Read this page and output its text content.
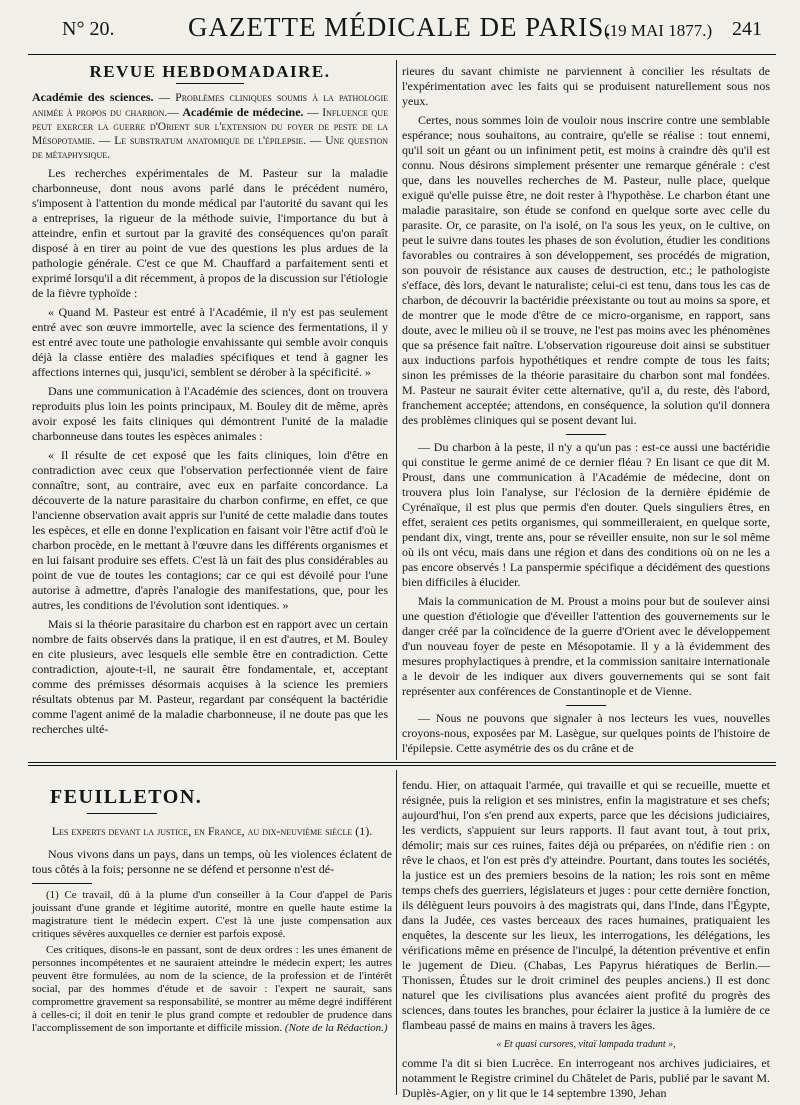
N° 20.	GAZETTE MÉDICALE DE PARIS.
(19 MAI 1877.) 241
REVUE HEBDOMADAIRE.

Académie des sciences. — Problèmes cliniques soumis à la pathologie animée à propos du charbon.— Académie de médecine. — Influence que peut exercer la guerre d'Orient sur l'extension du foyer de peste de la Mésopotamie. — Le substratum anatomique de l'épilepsie. — Une question de métaphysique.

Les recherches expérimentales de M. Pasteur sur la maladie charbonneuse, dont nous avons parlé dans le précédent numéro, s'imposent à l'attention du monde médical par l'autorité du savant qui les a entreprises, la rigueur de la méthode suivie, l'importance du but à atteindre, enfin et surtout par la gravité des conséquences qu'on paraît disposé à en tirer au point de vue des questions les plus ardues de la pathologie générale. C'est ce que M. Chauffard a parfaitement senti et exprimé lorsqu'il a dit récemment, à propos de la discussion sur l'étiologie de la fièvre typhoïde :

« Quand M. Pasteur est entré à l'Académie, il n'y est pas seulement entré avec son œuvre immortelle, avec la science des fermentations, il y est entré avec toute une pathologie envahissante qui semble avoir conquis déjà la classe entière des maladies spécifiques et tend à gagner les affections internes qui, jusqu'ici, semblent se dérober à la spécificité. »

Dans une communication à l'Académie des sciences, dont on trouvera reproduits plus loin les points principaux, M. Bouley dit de même, après avoir exposé les faits cliniques qui démontrent l'unité de la maladie charbonneuse dans toutes les espèces animales :

« Il résulte de cet exposé que les faits cliniques, loin d'être en contradiction avec ceux que l'observation perfectionnée vient de faire connaître, sont, au contraire, avec eux en parfaite concordance. La découverte de la nature parasitaire du charbon confirme, en effet, ce que l'ancienne observation avait appris sur l'unité de cette maladie dans toutes les espèces, et elle en donne l'explication en faisant voir l'être actif d'où le charbon procède, en le mettant à l'œuvre dans les différents organismes et en lui faisant produire ses effets. C'est là un fait des plus considérables au point de vue de toutes les contagions; car ce qui est dévoilé pour l'une autorise à admettre, d'après l'analogie des manifestations, que, pour les autres, les conditions de l'évolution sont identiques. »

Mais si la théorie parasitaire du charbon est en rapport avec un certain nombre de faits observés dans la pratique, il en est d'autres, et M. Bouley en cite plusieurs, avec lesquels elle semble être en contradiction. Cette contradiction, ajoute-t-il, ne saurait être fondamentale, et, acceptant comme des prémisses désormais acquises à la science les premiers résultats obtenus par M. Pasteur, regardant par conséquent la bactéridie comme l'agent animé de la maladie charbonneuse, il ne doute pas que les recherches ulté-

rieures du savant chimiste ne parviennent à concilier les résultats de l'expérimentation avec les faits qui se produisent naturellement sous nos yeux.

Certes, nous sommes loin de vouloir nous inscrire contre une semblable espérance; nous souhaitons, au contraire, qu'elle se réalise : tout ennemi, qu'il soit un géant ou un infiniment petit, est moins à craindre dès qu'il est connu. Nous désirons simplement présenter une remarque générale : c'est que, dans les nouvelles recherches de M. Pasteur, nulle place, quelque exiguë qu'elle puisse être, ne doit rester à l'hypothèse. Le charbon étant une maladie parasitaire, son étude se confond en quelque sorte avec celle du parasite. Or, ce parasite, on l'a isolé, on l'a sous les yeux, on le cultive, on peut le suivre dans toutes les phases de son évolution, étudier les conditions favorables ou contraires à son développement, ses procédés de migration, son pouvoir de résistance aux causes de destruction, etc.; le pathologiste s'efface, dès lors, devant le naturaliste; celui-ci est tenu, dans tous les cas de charbon, de découvrir la bactéridie préexistante ou tout au moins sa spore, et de montrer que le mode d'être de ce micro-organisme, en rapport, sans doute, avec le milieu où il se trouve, ne l'est pas moins avec les phénomènes que sa présence fait naître. L'observation rigoureuse doit ainsi se substituer aux inductions parfois hypothétiques et rendre compte de tous les faits; sinon les prémisses de la théorie parasitaire du charbon sont mal fondées. M. Pasteur ne saurait éviter cette alternative, qu'il a, du reste, dès l'abord, franchement acceptée; attendons, en conséquence, la solution qu'il donnera des problèmes cliniques qui se posent devant lui.

— Du charbon à la peste, il n'y a qu'un pas : est-ce aussi une bactéridie qui constitue le germe animé de ce dernier fléau ? En lisant ce que dit M. Proust, dans une communication à l'Académie de médecine, dont on trouvera plus loin l'analyse, sur l'éclosion de la dernière épidémie de Cyrénaïque, il est plus que permis d'en douter. Quels singuliers êtres, en effet, seraient ces petits organismes, qui sommeilleraient, en quelque sorte, pendant dix, vingt, trente ans, pour se réveiller ensuite, non sur le sol même où ils ont vécu, mais dans une région et dans des conditions où on ne les a pas encore observés ! La panspermie spécifique a décidément des questions bien difficiles à élucider.

Mais la communication de M. Proust a moins pour but de soulever ainsi une question d'étiologie que d'éveiller l'attention des gouvernements sur le danger créé par la coïncidence de la guerre d'Orient avec le développement d'un nouveau foyer de peste en Mésopotamie. Il y a là évidemment des mesures prophylactiques à prendre, et la commission sanitaire internationale a le devoir de les indiquer aux divers gouvernements qui se sont fait représenter aux conférences de Constantinople et de Vienne.

— Nous ne pouvons que signaler à nos lecteurs les vues, nouvelles croyons-nous, exposées par M. Lasègue, sur quelques points de l'histoire de l'épilepsie. Cette asymétrie des os du crâne et de

FEUILLETON.
Les experts devant la justice, en France, au dix-neuvième siècle (1).

Nous vivons dans un pays, dans un temps, où les violences éclatent de tous côtés à la fois; personne ne se défend et personne n'est dé-

(1) Ce travail, dû à la plume d'un conseiller à la Cour d'appel de Paris jouissant d'une grande et légitime autorité, montre en quelle haute estime la magistrature tient le médecin expert. C'est là une juste compensation aux critiques sévères auxquelles ce dernier est parfois exposé.

Ces critiques, disons-le en passant, sont de deux ordres : les unes émanent de personnes incompétentes et ne sauraient atteindre le médecin expert; les autres peuvent être formulées, au nom de la science, de la profession et de l'intérêt social, par des hommes d'étude et de savoir : l'expert ne saurait, sans compromettre gravement sa responsabilité, se montrer au même degré indifférent à celles-ci; il doit en tenir le plus grand compte et redoubler de prudence dans l'accomplissement de son importante et difficile mission. (Note de la Rédaction.)

fendu. Hier, on attaquait l'armée, qui travaille et qui se recueille, muette et résignée, puis la religion et ses ministres, enfin la magistrature et ses chefs; aujourd'hui, l'on s'en prend aux experts, parce que les décisions judiciaires, les verdicts, s'appuient sur leurs rapports. Il faut avant tout, à tout prix, démolir; mais sur ces ruines, faites déjà ou préparées, on n'édifie rien : on rêve le chaos, et l'on est près d'y atteindre. Pourtant, dans toutes les sociétés, la justice est un des premiers besoins de la nation; les rois sont en même temps chefs des guerriers, législateurs et juges : pour cette dernière fonction, ils délèguent leurs pouvoirs à des magistrats qui, dans l'Inde, dans l'Égypte, dans la Judée, ces vastes berceaux des races humaines, pratiquaient les enquêtes, la descente sur les lieux, les interrogations, les délégations, les vérifications même en présence de l'inculpé, la détention préventive et enfin le jugement de Dieu. (Chabas, Les Papyrus hiératiques de Berlin.— Thonissen, Études sur le droit criminel des peuples anciens.) Il est donc naturel que les civilisations plus avancées aient profité du progrès des sciences, dans toutes les branches, pour éclairer la justice à la lumière de ce flambeau passé de mains en mains à travers les âges.

« Et quasi cursores, vitaï lampada tradunt »,

comme l'a dit si bien Lucrèce. En interrogeant nos archives judiciaires, et notamment le Registre criminel du Châtelet de Paris, publié par le savant M. Duplès-Agier, on y lit que le 14 septembre 1390, Jehan
